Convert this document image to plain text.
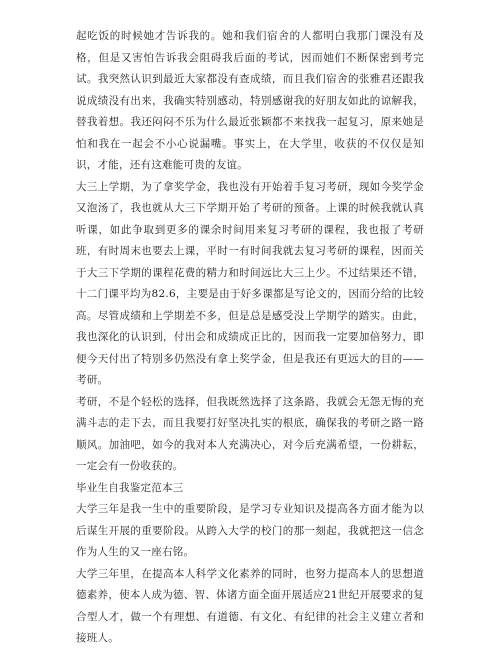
起吃饭的时候她才告诉我的。她和我们宿舍的人都明白我那门课没有及格，但是又害怕告诉我会阻碍我后面的考试，因而她们不断保密到考完试。我突然认识到最近大家都没有查成绩，而且我们宿舍的张雅君还跟我说成绩没有出来，我确实特别感动，特别感谢我的好朋友如此的谅解我，替我着想。我还闷闷不乐为什么最近张颖都不来找我一起复习，原来她是怕和我在一起会不小心说漏嘴。事实上，在大学里，收获的不仅仅是知识，才能，还有这难能可贵的友谊。

大三上学期，为了拿奖学金，我也没有开始着手复习考研，现如今奖学金又泡汤了，我也就从大三下学期开始了考研的预备。上课的时候我就认真听课，如此争取到更多的课余时间用来复习考研的课程，我也报了考研班，有时周末也要去上课，平时一有时间我就去复习考研的课程，因而关于大三下学期的课程花费的精力和时间远比大三上少。不过结果还不错，十二门课平均为82.6，主要是由于好多课都是写论文的，因而分给的比较高。尽管成绩和上学期差不多，但是总是感受没上学期学的踏实。由此，我也深化的认识到，付出会和成绩成正比的，因而我一定要加倍努力，即便今天付出了特别多仍然没有拿上奖学金，但是我还有更远大的目的——考研。

考研，不是个轻松的选择，但我既然选择了这条路，我就会无怨无悔的充满斗志的走下去，而且我要打好坚决扎实的根底，确保我的考研之路一路顺风。加油吧，如今的我对本人充满决心，对今后充满希望，一份耕耘，一定会有一份收获的。

毕业生自我鉴定范本三

大学三年是我一生中的重要阶段，是学习专业知识及提高各方面才能为以后谋生开展的重要阶段。从跨入大学的校门的那一刻起，我就把这一信念作为人生的又一座右铭。

大学三年里，在提高本人科学文化素养的同时，也努力提高本人的思想道德素养，使本人成为德、智、体诸方面全面开展适应21世纪开展要求的复合型人才，做一个有理想、有道德、有文化、有纪律的社会主义建立者和接班人。
